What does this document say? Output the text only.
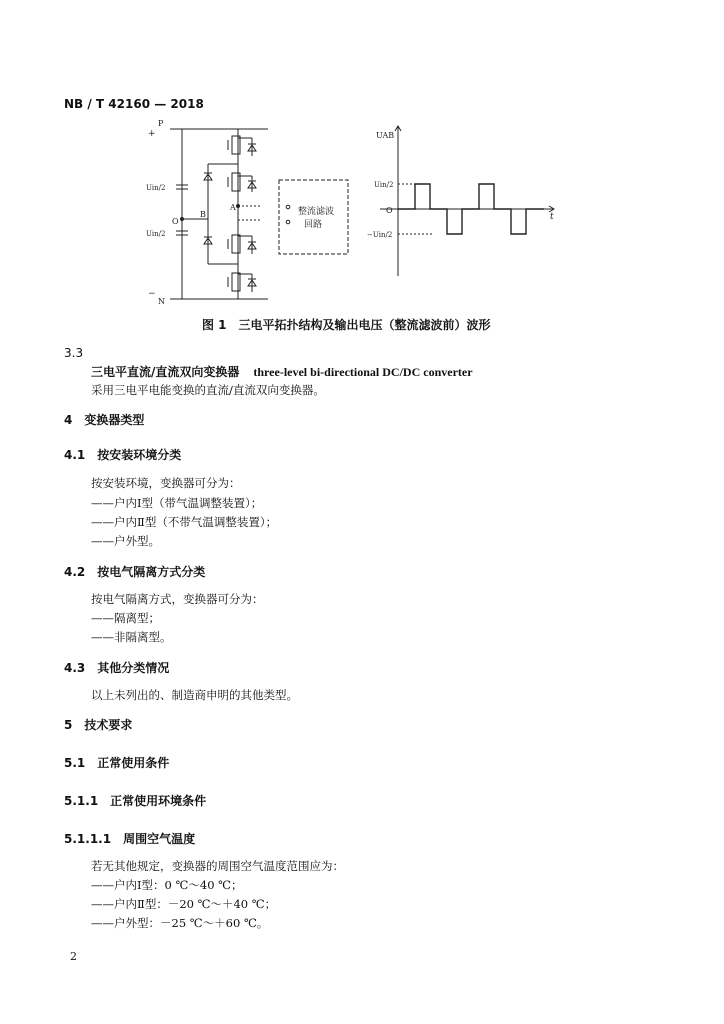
NB / T 42160 — 2018
P
+
N
−
Uin/2
Uin/2
O
B
A	整流滤波
回路
UAB
t
O
Uin/2
−Uin/2
图 1　三电平拓扑结构及输出电压（整流滤波前）波形
3.3
三电平直流/直流双向变换器 three-level bi-directional DC/DC converter
采用三电平电能变换的直流/直流双向变换器。
4　变换器类型
4.1　按安装环境分类
按安装环境，变换器可分为：
——户内Ⅰ型（带气温调整装置）；
——户内Ⅱ型（不带气温调整装置）；
——户外型。
4.2　按电气隔离方式分类
按电气隔离方式，变换器可分为：
——隔离型；
——非隔离型。
4.3　其他分类情况
以上未列出的、制造商申明的其他类型。
5　技术要求
5.1　正常使用条件
5.1.1　正常使用环境条件
5.1.1.1　周围空气温度
若无其他规定，变换器的周围空气温度范围应为：
——户内Ⅰ型：0 ℃～40 ℃；
——户内Ⅱ型：－20 ℃～＋40 ℃；
——户外型：－25 ℃～＋60 ℃。
2
